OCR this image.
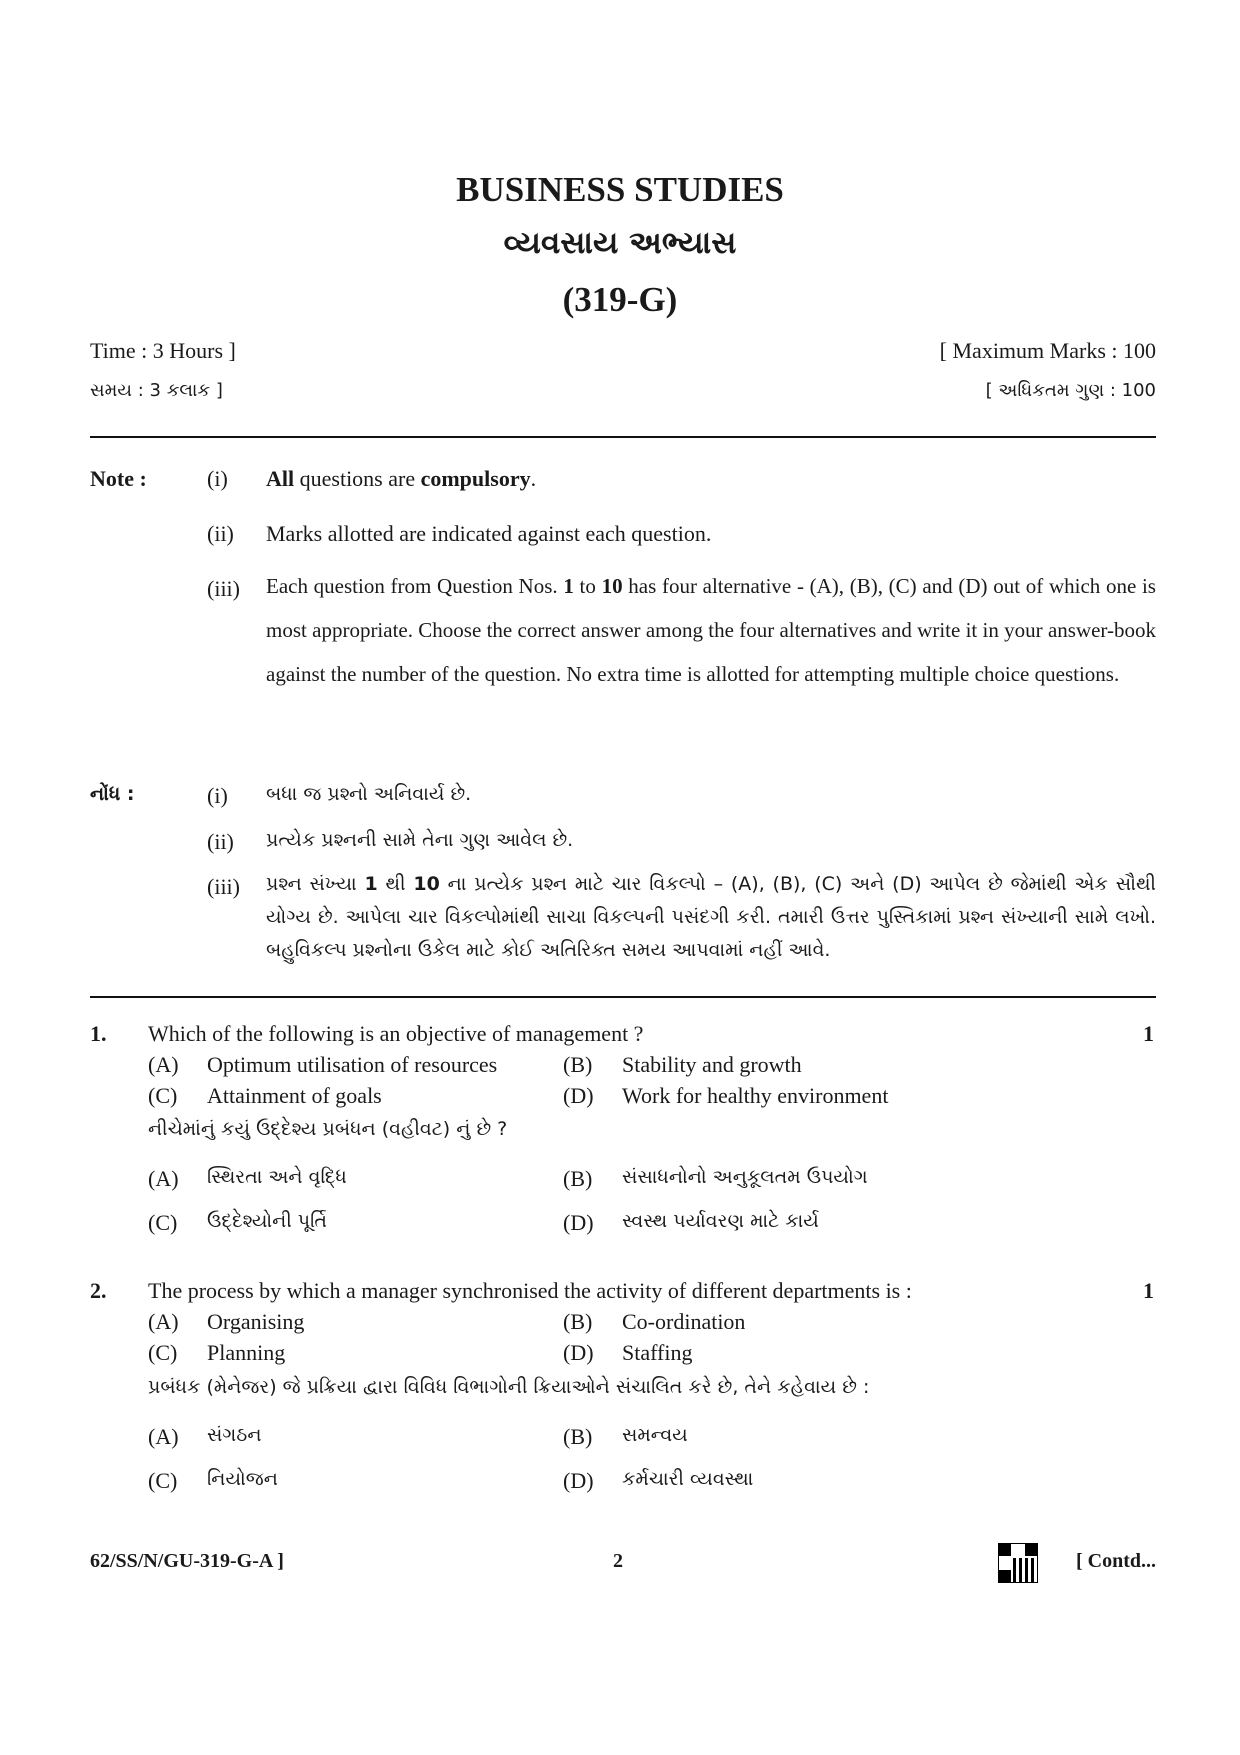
BUSINESS STUDIES
વ્યવસાય અભ્યાસ
(319-G)
Time : 3 Hours ]	[ Maximum Marks : 100
સમય : 3 કલાક ]	[ અધિકતમ ગુણ : 100
Note :	(i) All questions are compulsory.
(ii) Marks allotted are indicated against each question.
(iii) Each question from Question Nos. 1 to 10 has four alternative - (A), (B), (C) and (D) out of which one is most appropriate. Choose the correct answer among the four alternatives and write it in your answer-book against the number of the question. No extra time is allotted for attempting multiple choice questions.
નોંધ :	(i) બધા જ પ્રશ્નો અનિવાર્ય છે.
(ii) પ્રત્યેક પ્રશ્નની સામે તેના ગુણ આવેલ છે.
(iii) પ્રશ્ન સંખ્યા 1 થી 10 ના પ્રત્યેક પ્રશ્ન માટે ચાર વિકલ્પો – (A), (B), (C) અને (D) આપેલ છે જેમાંથી એક સૌથી યોગ્ય છે. આપેલા ચાર વિકલ્પોમાંથી સાચા વિકલ્પની પસંદગી કરી. તમારી ઉત્તર પુસ્તિકામાં પ્રશ્ન સંખ્યાની સામે લખો. બહુવિકલ્પ પ્રશ્નોના ઉકેલ માટે કોઈ અતિરિક્ત સમય આપવામાં નહીં આવે.
1. Which of the following is an objective of management ?	1
(A) Optimum utilisation of resources	(B) Stability and growth
(C) Attainment of goals	(D) Work for healthy environment
નીચેમાંનું કયું ઉદ્દેશ્ય પ્રબંધન (વહીવટ) નું છે ?
(A) સ્થિરતા અને વૃદ્ધિ	(B) સંસાધનોનો અનુકૂલતમ ઉપયોગ
(C) ઉદ્દેશ્યોની પૂર્તિ	(D) સ્વસ્થ પર્યાવરણ માટે કાર્ય
2. The process by which a manager synchronised the activity of different departments is :	1
(A) Organising	(B) Co-ordination
(C) Planning	(D) Staffing
પ્રબંધક (મેનેજર) જે પ્રક્રિયા દ્વારા વિવિધ વિભાગોની ક્રિયાઓને સંચાલિત કરે છે, તેને કહેવાય છે :
(A) સંગઠન	(B) સમન્વય
(C) નિયોજન	(D) કર્મચારી વ્યવસ્થા
62/SS/N/GU-319-G-A ]	2	[ Contd...
